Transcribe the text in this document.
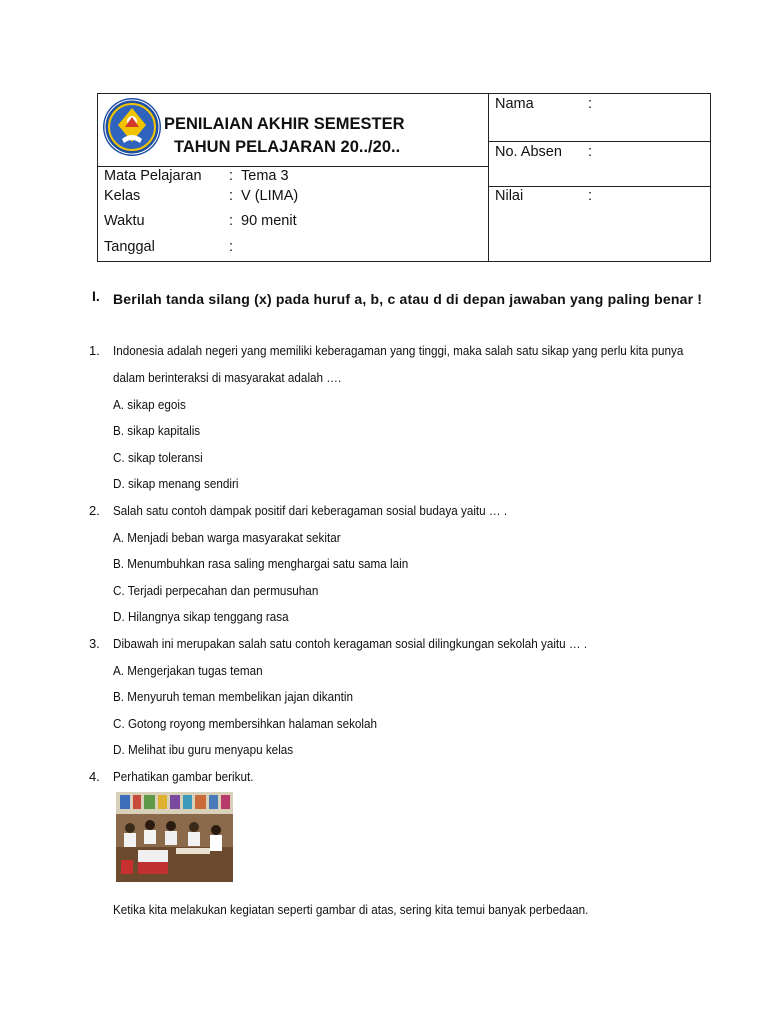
PENILAIAN AKHIR SEMESTER
TAHUN PELAJARAN 20../20..
Mata Pelajaran : Tema 3
Kelas	: V (LIMA)
Waktu	: 90 menit
Tanggal	:
Nama	:
No. Absen :
Nilai	:
I. Berilah tanda silang (x) pada huruf a, b, c atau d di depan jawaban yang paling benar !
1. Indonesia adalah negeri yang memiliki keberagaman yang tinggi, maka salah satu sikap yang perlu kita punya dalam berinteraksi di masyarakat adalah ….
A. sikap egois
B. sikap kapitalis
C. sikap toleransi
D. sikap menang sendiri
2. Salah satu contoh dampak positif dari keberagaman sosial budaya yaitu … .
A. Menjadi beban warga masyarakat sekitar
B. Menumbuhkan rasa saling menghargai satu sama lain
C. Terjadi perpecahan dan permusuhan
D. Hilangnya sikap tenggang rasa
3. Dibawah ini merupakan salah satu contoh keragaman sosial dilingkungan sekolah yaitu … .
A. Mengerjakan tugas teman
B. Menyuruh teman membelikan jajan dikantin
C. Gotong royong membersihkan halaman sekolah
D. Melihat ibu guru menyapu kelas
4. Perhatikan gambar berikut.
Ketika kita melakukan kegiatan seperti gambar di atas, sering kita temui banyak perbedaan.
